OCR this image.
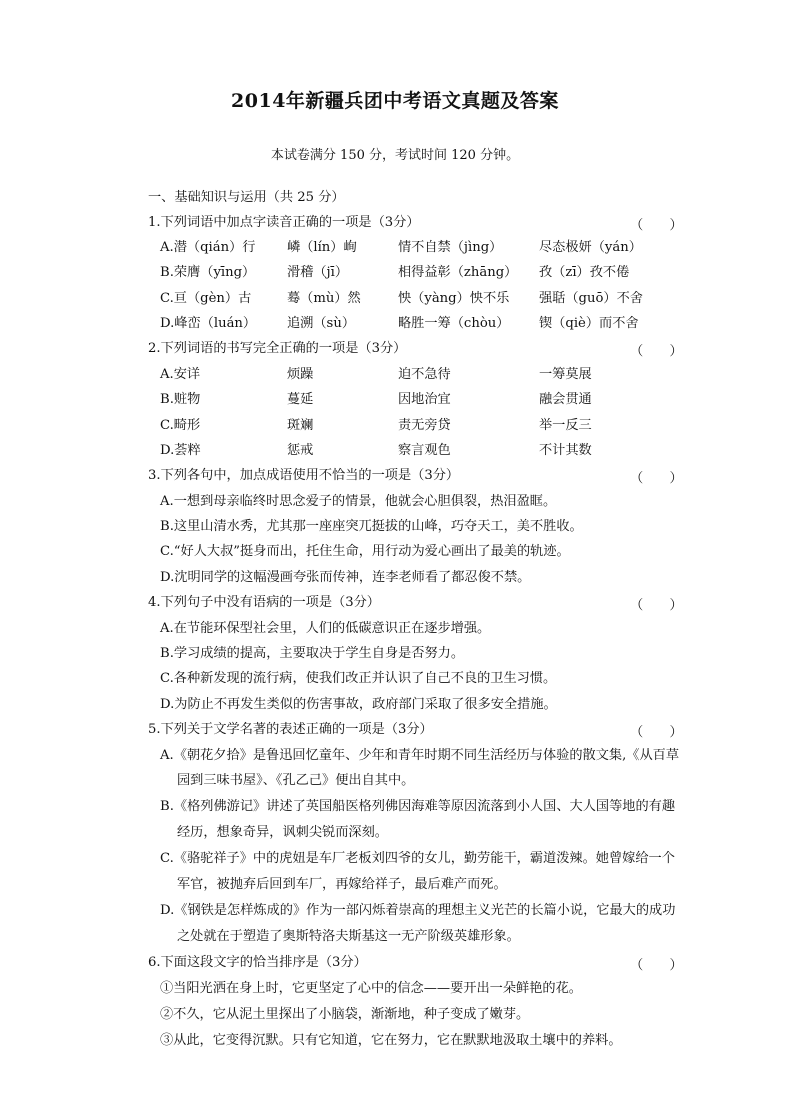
2014年新疆兵团中考语文真题及答案
本试卷满分 150 分，考试时间 120 分钟。
一、基础知识与运用（共 25 分）
1.下列词语中加点字读音正确的一项是（3分）	（　　）
A.潜（qián）行 嶙（lín）峋	情不自禁（jìng）	尽态极妍（yán）
B.荣膺（yīng） 滑稽（jī）	相得益彰（zhāng） 孜（zī）孜不倦
C.亘（gèn）古	蓦（mù）然	怏（yàng）怏不乐 强聒（guō）不舍
D.峰峦（luán） 追溯（sù）	略胜一筹（chòu） 锲（qiè）而不舍
2.下列词语的书写完全正确的一项是（3分）	（　　）
A.安详	烦躁	迫不急待	一筹莫展
B.赃物	蔓延	因地治宜	融会贯通
C.畸形	斑斓	责无旁贷	举一反三
D.荟粹	惩戒	察言观色	不计其数
3.下列各句中，加点成语使用不恰当的一项是（3分）	（　　）
A.一想到母亲临终时思念爱子的情景，他就会心胆俱裂，热泪盈眶。
B.这里山清水秀，尤其那一座座突兀挺拔的山峰，巧夺天工，美不胜收。
C.“好人大叔”挺身而出，托住生命，用行动为爱心画出了最美的轨迹。
D.沈明同学的这幅漫画夸张而传神，连李老师看了都忍俊不禁。
4.下列句子中没有语病的一项是（3分）	（　　）
A.在节能环保型社会里，人们的低碳意识正在逐步增强。
B.学习成绩的提高，主要取决于学生自身是否努力。
C.各种新发现的流行病，使我们改正并认识了自己不良的卫生习惯。
D.为防止不再发生类似的伤害事故，政府部门采取了很多安全措施。
5.下列关于文学名著的表述正确的一项是（3分）	（　　）
A.《朝花夕拾》是鲁迅回忆童年、少年和青年时期不同生活经历与体验的散文集,《从百草
园到三味书屋》、《孔乙己》便出自其中。
B.《格列佛游记》讲述了英国船医格列佛因海难等原因流落到小人国、大人国等地的有趣
经历，想象奇异，讽刺尖锐而深刻。
C.《骆驼祥子》中的虎妞是车厂老板刘四爷的女儿，勤劳能干，霸道泼辣。她曾嫁给一个
军官，被抛弃后回到车厂，再嫁给祥子，最后难产而死。
D.《钢铁是怎样炼成的》作为一部闪烁着崇高的理想主义光芒的长篇小说，它最大的成功
之处就在于塑造了奥斯特洛夫斯基这一无产阶级英雄形象。
6.下面这段文字的恰当排序是（3分）	（　　）
①当阳光洒在身上时，它更坚定了心中的信念——要开出一朵鲜艳的花。
②不久，它从泥土里探出了小脑袋，渐渐地，种子变成了嫩芽。
③从此，它变得沉默。只有它知道，它在努力，它在默默地汲取土壤中的养料。
